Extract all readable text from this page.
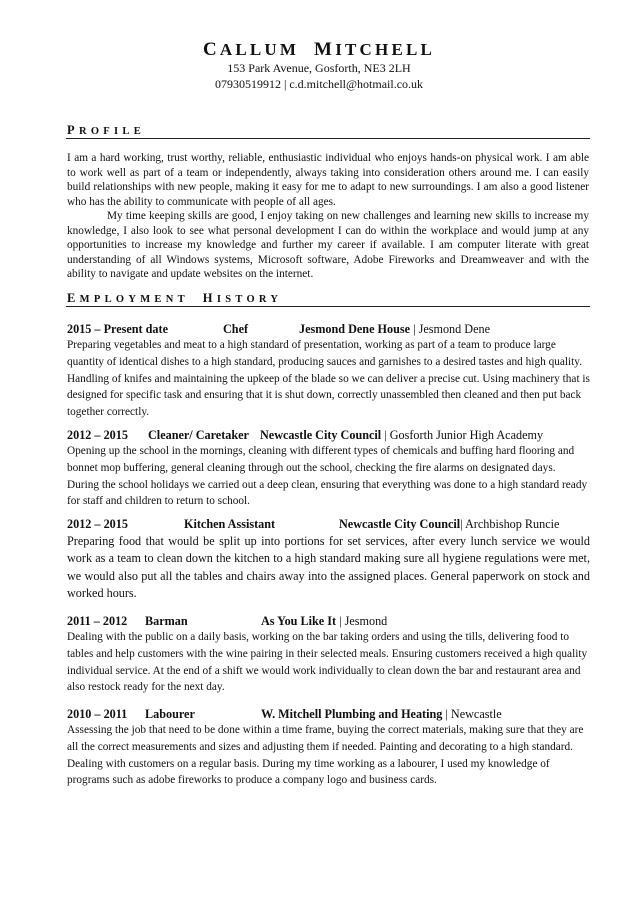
CALLUM MITCHELL
153 Park Avenue, Gosforth, NE3 2LH
07930519912 | c.d.mitchell@hotmail.co.uk
PROFILE

I am a hard working, trust worthy, reliable, enthusiastic individual who enjoys hands-on physical work. I am able to work well as part of a team or independently, always taking into consideration others around me. I can easily build relationships with new people, making it easy for me to adapt to new surroundings. I am also a good listener who has the ability to communicate with people of all ages.

My time keeping skills are good, I enjoy taking on new challenges and learning new skills to increase my knowledge, I also look to see what personal development I can do within the workplace and would jump at any opportunities to increase my knowledge and further my career if available. I am computer literate with great understanding of all Windows systems, Microsoft software, Adobe Fireworks and Dreamweaver and with the ability to navigate and update websites on the internet.

EMPLOYMENT HISTORY
2015 – Present date	Chef	Jesmond Dene House | Jesmond Dene

Preparing vegetables and meat to a high standard of presentation, working as part of a team to produce large quantity of identical dishes to a high standard, producing sauces and garnishes to a desired tastes and high quality. Handling of knifes and maintaining the upkeep of the blade so we can deliver a precise cut. Using machinery that is designed for specific task and ensuring that it is shut down, correctly unassembled then cleaned and then put back together correctly.

2012 – 2015 Cleaner/ Caretaker Newcastle City Council | Gosforth Junior High Academy

Opening up the school in the mornings, cleaning with different types of chemicals and buffing hard flooring and bonnet mop buffering, general cleaning through out the school, checking the fire alarms on designated days. During the school holidays we carried out a deep clean, ensuring that everything was done to a high standard ready for staff and children to return to school.

2012 – 2015	Kitchen Assistant	Newcastle City Council| Archbishop Runcie

Preparing food that would be split up into portions for set services, after every lunch service we would work as a team to clean down the kitchen to a high standard making sure all hygiene regulations were met, we would also put all the tables and chairs away into the assigned places. General paperwork on stock and worked hours.

2011 – 2012 Barman	As You Like It | Jesmond

Dealing with the public on a daily basis, working on the bar taking orders and using the tills, delivering food to tables and help customers with the wine pairing in their selected meals. Ensuring customers received a high quality individual service. At the end of a shift we would work individually to clean down the bar and restaurant area and also restock ready for the next day.

2010 – 2011 Labourer	W. Mitchell Plumbing and Heating | Newcastle

Assessing the job that need to be done within a time frame, buying the correct materials, making sure that they are all the correct measurements and sizes and adjusting them if needed. Painting and decorating to a high standard. Dealing with customers on a regular basis. During my time working as a labourer, I used my knowledge of programs such as adobe fireworks to produce a company logo and business cards.
